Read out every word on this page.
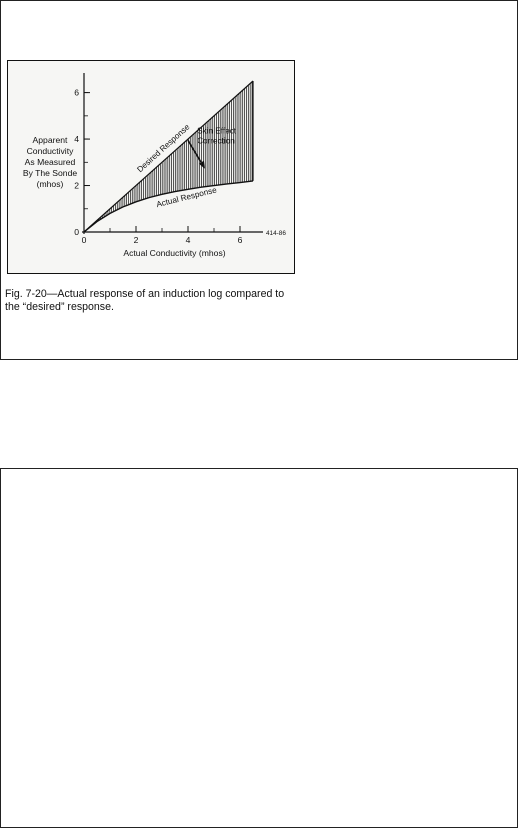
0
2
4
6
0	2	4	6
Desired Response
Actual Response
Skin Effect
Correction
Actual Conductivity (mhos)
414-86
Apparent
Conductivity
As Measured
By The Sonde
(mhos)
Fig. 7-20—Actual response of an induction log compared to
the “desired” response.
